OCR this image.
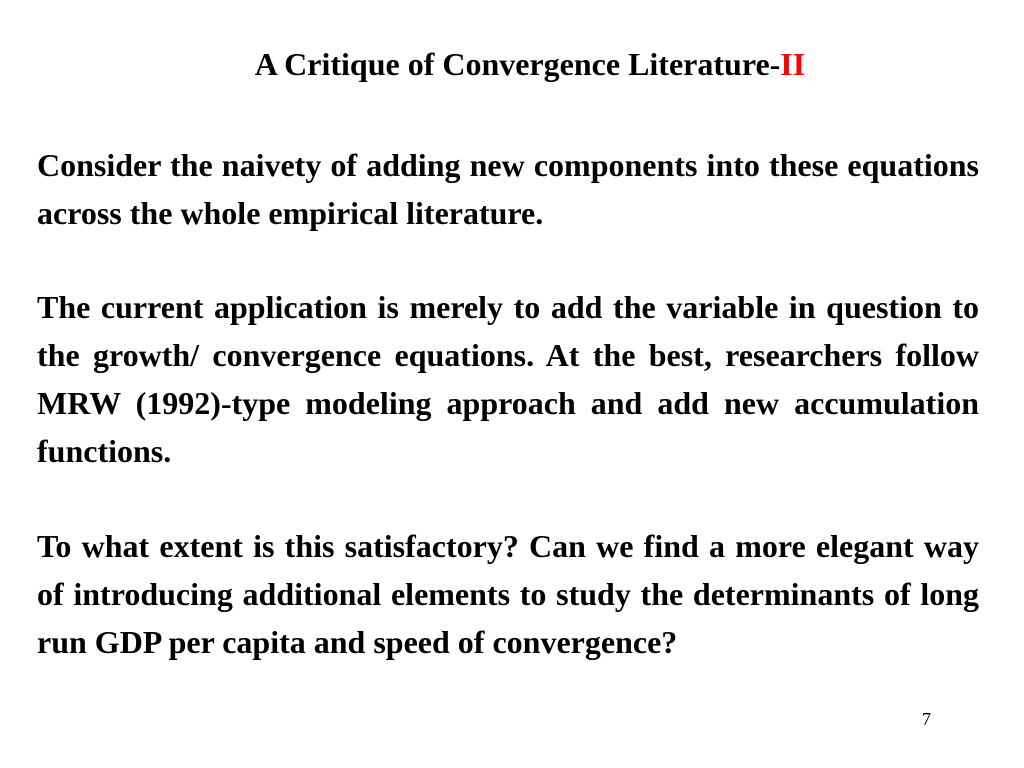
A Critique of Convergence Literature-II

Consider the naivety of adding new components into these equations across the whole empirical literature.

The current application is merely to add the variable in question to the growth/ convergence equations. At the best, researchers follow MRW (1992)-type modeling approach and add new accumulation functions.

To what extent is this satisfactory? Can we find a more elegant way of introducing additional elements to study the determinants of long run GDP per capita and speed of convergence?

7
